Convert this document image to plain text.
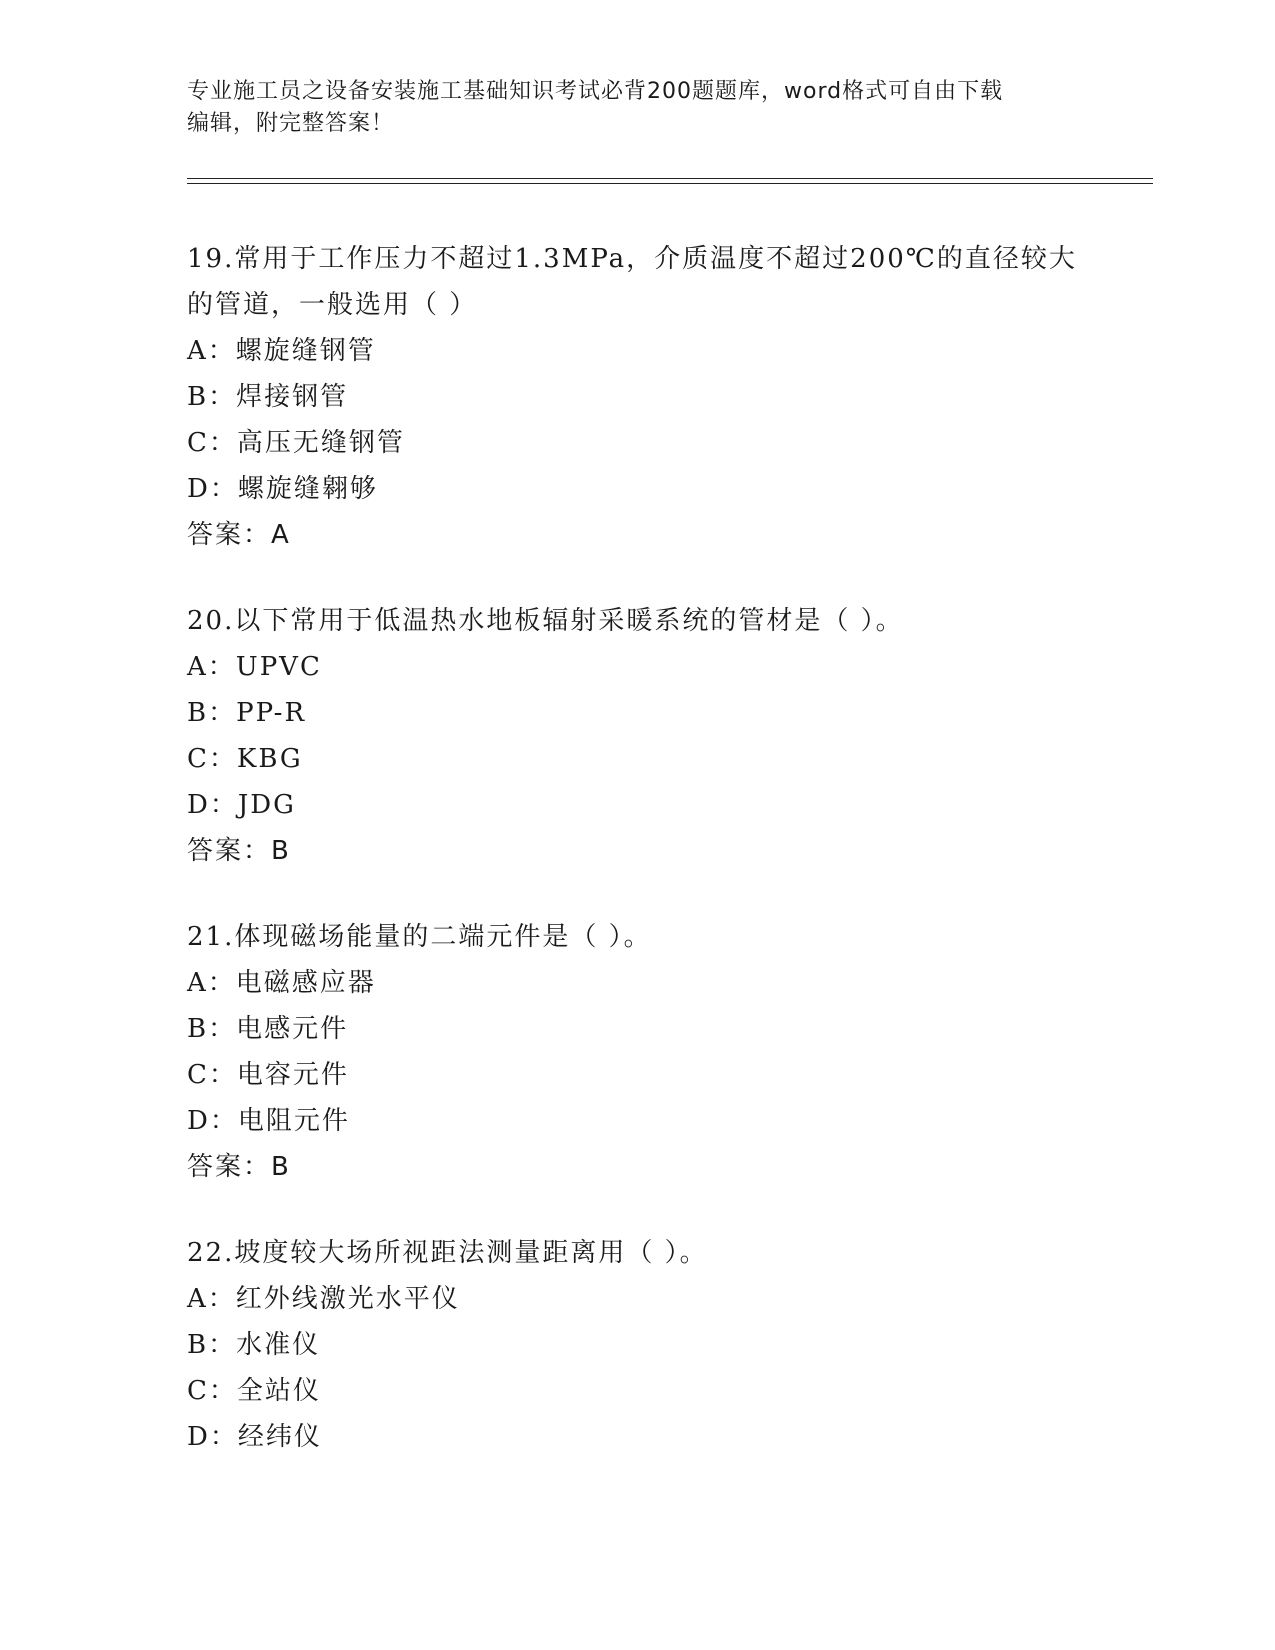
专业施工员之设备安装施工基础知识考试必背200题题库，word格式可自由下载
编辑，附完整答案！

19.常用于工作压力不超过1.3MPa，介质温度不超过200℃的直径较大

的管道，一般选用（ ）

A：螺旋缝钢管

B：焊接钢管

C：高压无缝钢管

D：螺旋缝翱够

答案：A

20.以下常用于低温热水地板辐射采暖系统的管材是（ ）。

A：UPVC

B：PP-R

C：KBG

D：JDG

答案：B

21.体现磁场能量的二端元件是（ ）。

A：电磁感应器

B：电感元件

C：电容元件

D：电阻元件

答案：B

22.坡度较大场所视距法测量距离用（ ）。

A：红外线激光水平仪

B：水准仪

C：全站仪

D：经纬仪
